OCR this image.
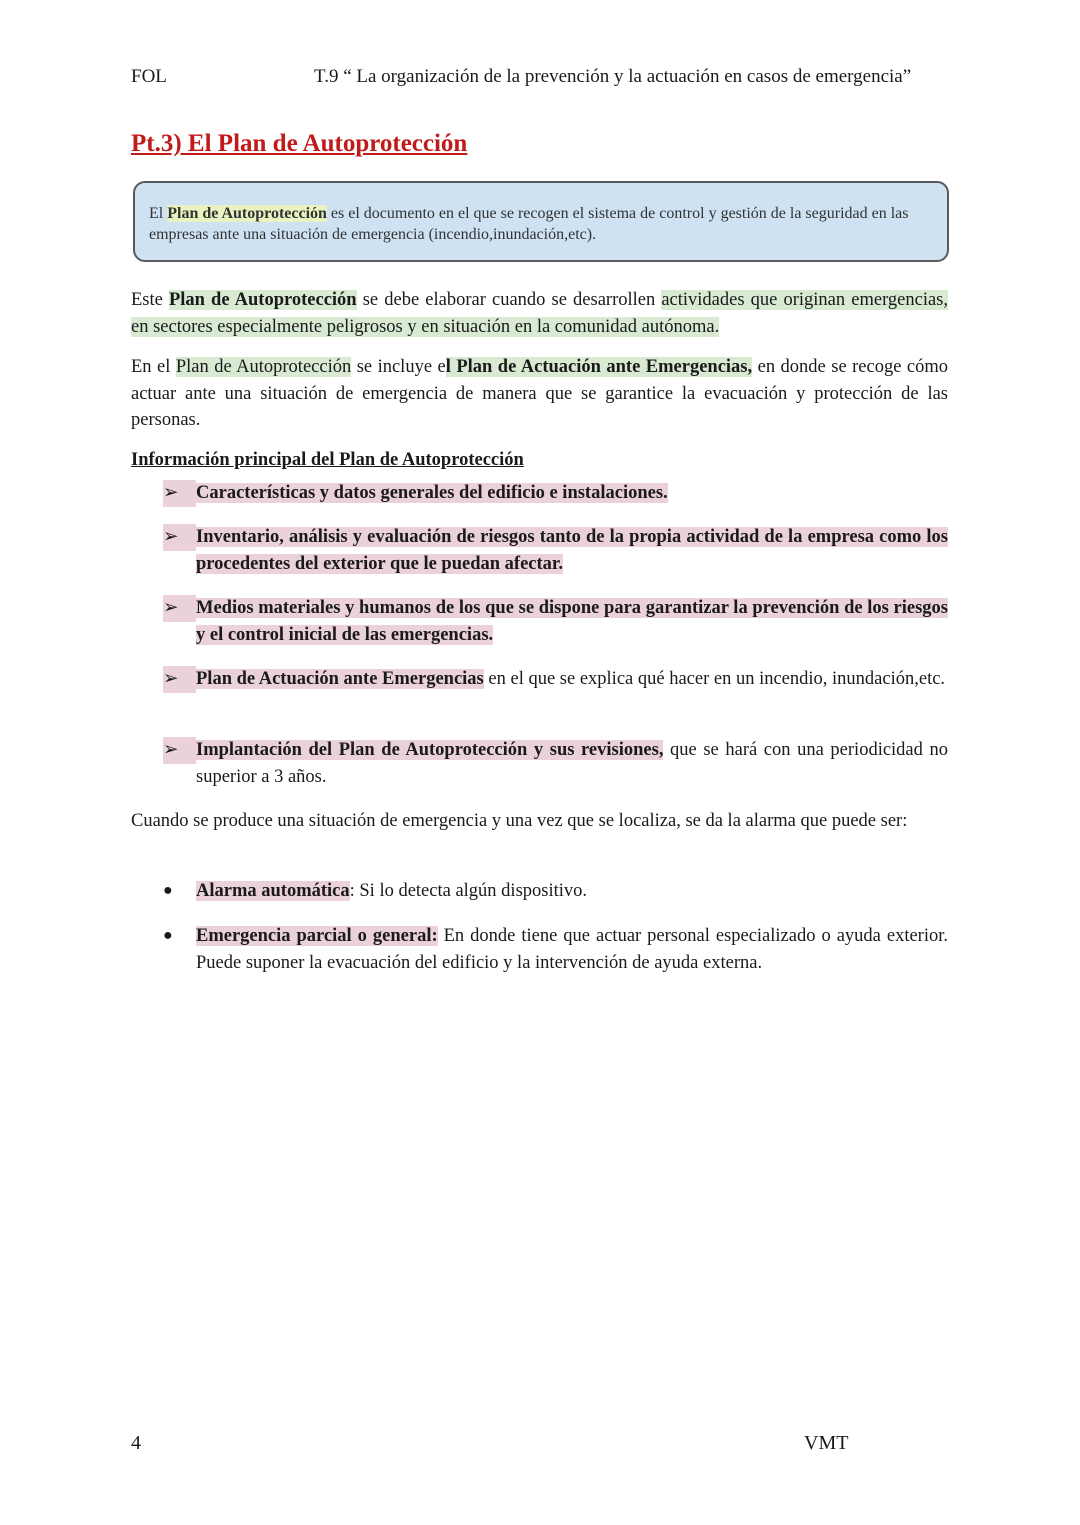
FOL	T.9 “ La organización de la prevención y la actuación en casos de emergencia”
Pt.3) El Plan de Autoprotección
El Plan de Autoprotección es el documento en el que se recogen el sistema de control y gestión de la seguridad en las empresas ante una situación de emergencia (incendio,inundación,etc).
Este Plan de Autoprotección se debe elaborar cuando se desarrollen actividades que originan emergencias, en sectores especialmente peligrosos y en situación en la comunidad autónoma.
En el Plan de Autoprotección se incluye el Plan de Actuación ante Emergencias, en donde se recoge cómo actuar ante una situación de emergencia de manera que se garantice la evacuación y protección de las personas.
Información principal del Plan de Autoprotección
➢ Características y datos generales del edificio e instalaciones.
➢ Inventario, análisis y evaluación de riesgos tanto de la propia actividad de la empresa como los procedentes del exterior que le puedan afectar.
➢ Medios materiales y humanos de los que se dispone para garantizar la prevención de los riesgos y el control inicial de las emergencias.
➢ Plan de Actuación ante Emergencias en el que se explica qué hacer en un incendio, inundación,etc.
➢ Implantación del Plan de Autoprotección y sus revisiones, que se hará con una periodicidad no superior a 3 años.
Cuando se produce una situación de emergencia y una vez que se localiza, se da la alarma que puede ser:
●	Alarma automática: Si lo detecta algún dispositivo.
●	Emergencia parcial o general: En donde tiene que actuar personal especializado o ayuda exterior. Puede suponer la evacuación del edificio y la intervención de ayuda externa.
4	VMT
